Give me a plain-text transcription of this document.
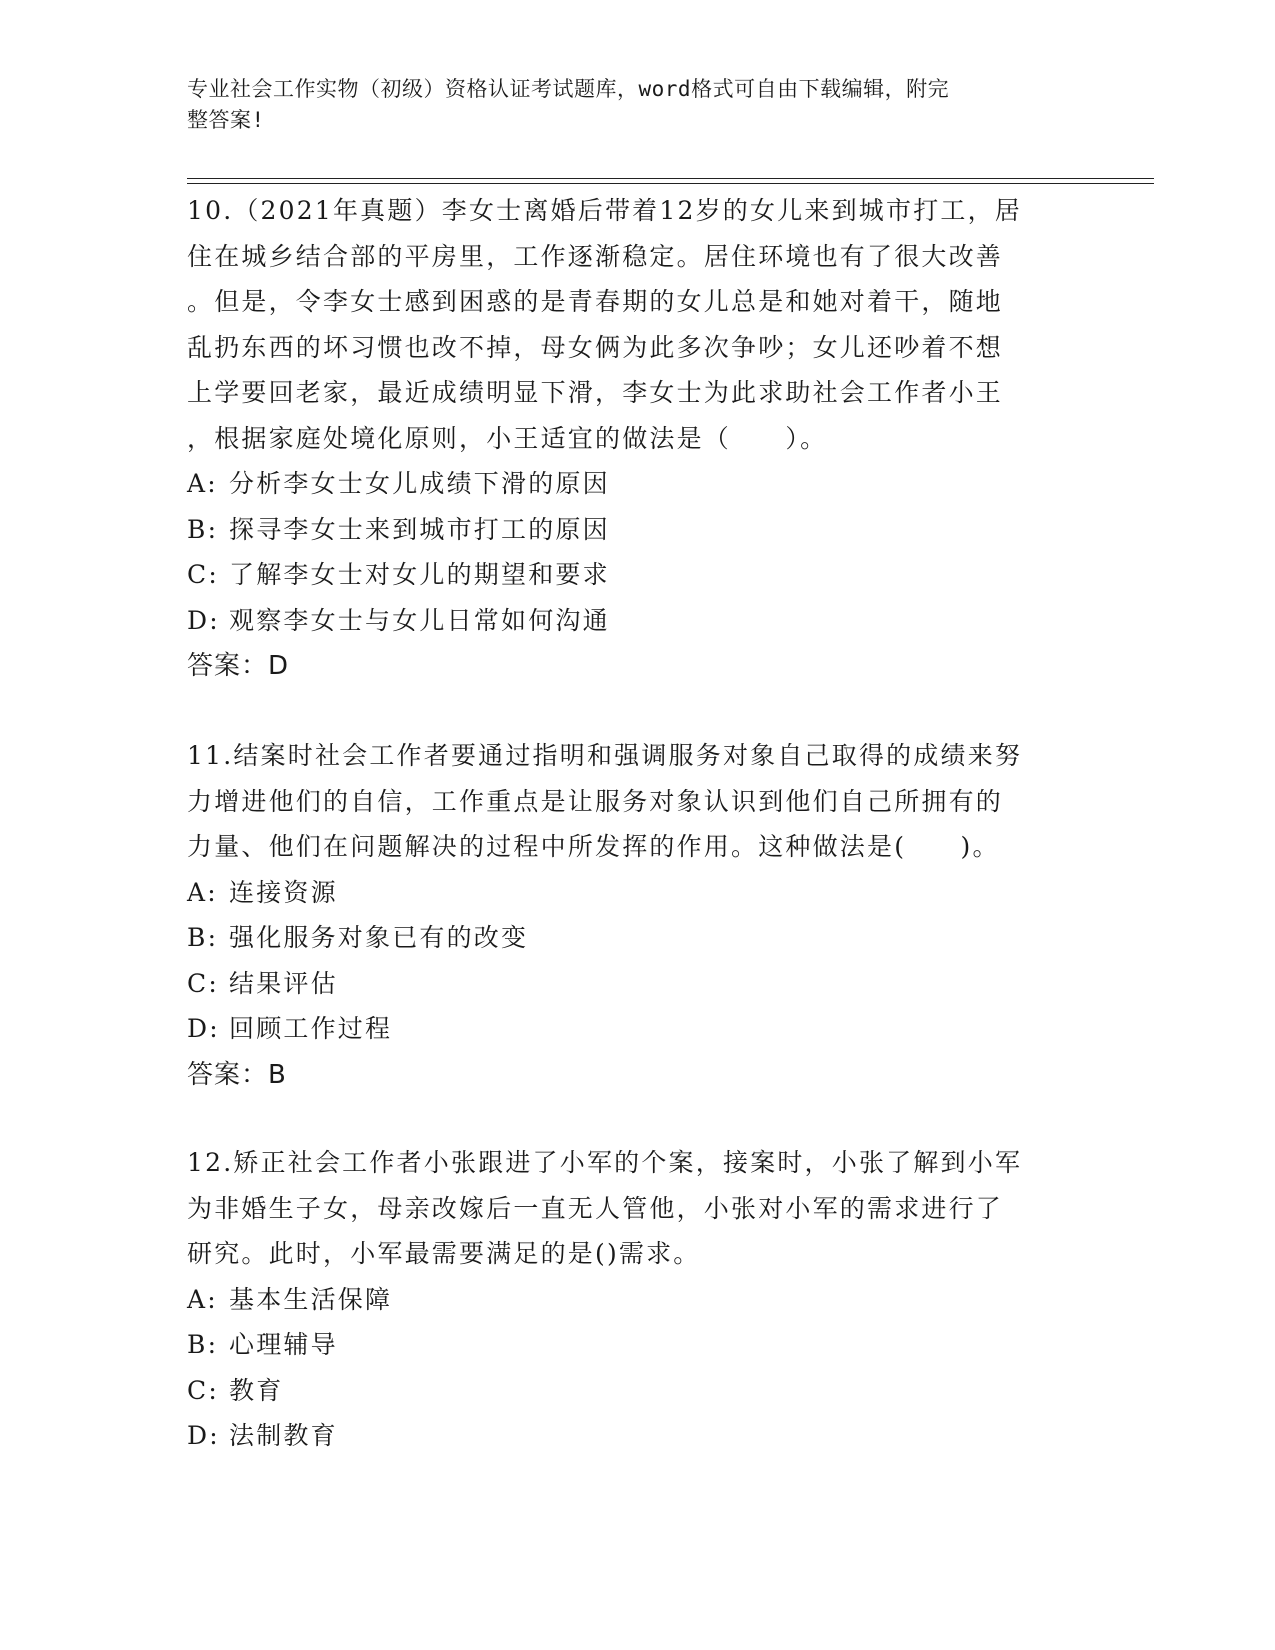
专业社会工作实物（初级）资格认证考试题库，word格式可自由下载编辑，附完
整答案!
10.（2021年真题）李女士离婚后带着12岁的女儿来到城市打工，居
住在城乡结合部的平房里，工作逐渐稳定。居住环境也有了很大改善
。但是，令李女士感到困惑的是青春期的女儿总是和她对着干，随地
乱扔东西的坏习惯也改不掉，母女俩为此多次争吵；女儿还吵着不想
上学要回老家，最近成绩明显下滑，李女士为此求助社会工作者小王
，根据家庭处境化原则，小王适宜的做法是（　　）。
A: 分析李女士女儿成绩下滑的原因
B: 探寻李女士来到城市打工的原因
C: 了解李女士对女儿的期望和要求
D: 观察李女士与女儿日常如何沟通
答案：D
11.结案时社会工作者要通过指明和强调服务对象自己取得的成绩来努
力增进他们的自信，工作重点是让服务对象认识到他们自己所拥有的
力量、他们在问题解决的过程中所发挥的作用。这种做法是(　　)。
A: 连接资源
B: 强化服务对象已有的改变
C: 结果评估
D: 回顾工作过程
答案：B
12.矫正社会工作者小张跟进了小军的个案，接案时，小张了解到小军
为非婚生子女，母亲改嫁后一直无人管他，小张对小军的需求进行了
研究。此时，小军最需要满足的是()需求。
A: 基本生活保障
B: 心理辅导
C: 教育
D: 法制教育
